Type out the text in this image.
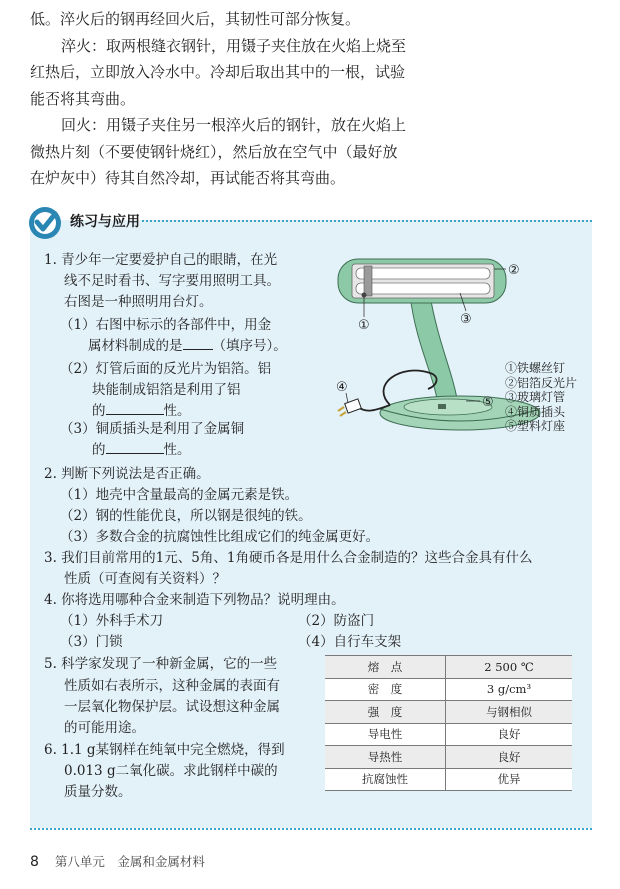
低。淬火后的钢再经回火后，其韧性可部分恢复。

淬火：取两根缝衣钢针，用镊子夹住放在火焰上烧至

红热后，立即放入冷水中。冷却后取出其中的一根，试验

能否将其弯曲。

回火：用镊子夹住另一根淬火后的钢针，放在火焰上

微热片刻（不要使钢针烧红），然后放在空气中（最好放

在炉灰中）待其自然冷却，再试能否将其弯曲。

练习与应用
1. 青少年一定要爱护自己的眼睛，在光
线不足时看书、写字要用照明工具。
右图是一种照明用台灯。
（1）右图中标示的各部件中，用金
属材料制成的是 （填序号）。
（2）灯管后面的反光片为铝箔。铝
块能制成铝箔是利用了铝
的	性。
（3）铜质插头是利用了金属铜
的	性。
②
①	③
④
⑤
①铁螺丝钉
②铝箔反光片
③玻璃灯管
④铜质插头
⑤塑料灯座
2. 判断下列说法是否正确。
（1）地壳中含量最高的金属元素是铁。
（2）钢的性能优良，所以钢是很纯的铁。
（3）多数合金的抗腐蚀性比组成它们的纯金属更好。
3. 我们目前常用的1元、5角、1角硬币各是用什么合金制造的？这些合金具有什么
性质（可查阅有关资料）？
4. 你将选用哪种合金来制造下列物品？说明理由。
（1）外科手术刀	（2）防盗门
（3）门锁	（4）自行车支架
5. 科学家发现了一种新金属，它的一些
性质如右表所示，这种金属的表面有
一层氧化物保护层。试设想这种金属
的可能用途。
6. 1.1 g某钢样在纯氧中完全燃烧，得到
0.013 g二氧化碳。求此钢样中碳的
质量分数。
熔　点	2 500 ℃
密　度	3 g/cm³
强　度	与钢相似
导电性	良好
导热性	良好
抗腐蚀性	优异
8 第八单元　金属和金属材料
